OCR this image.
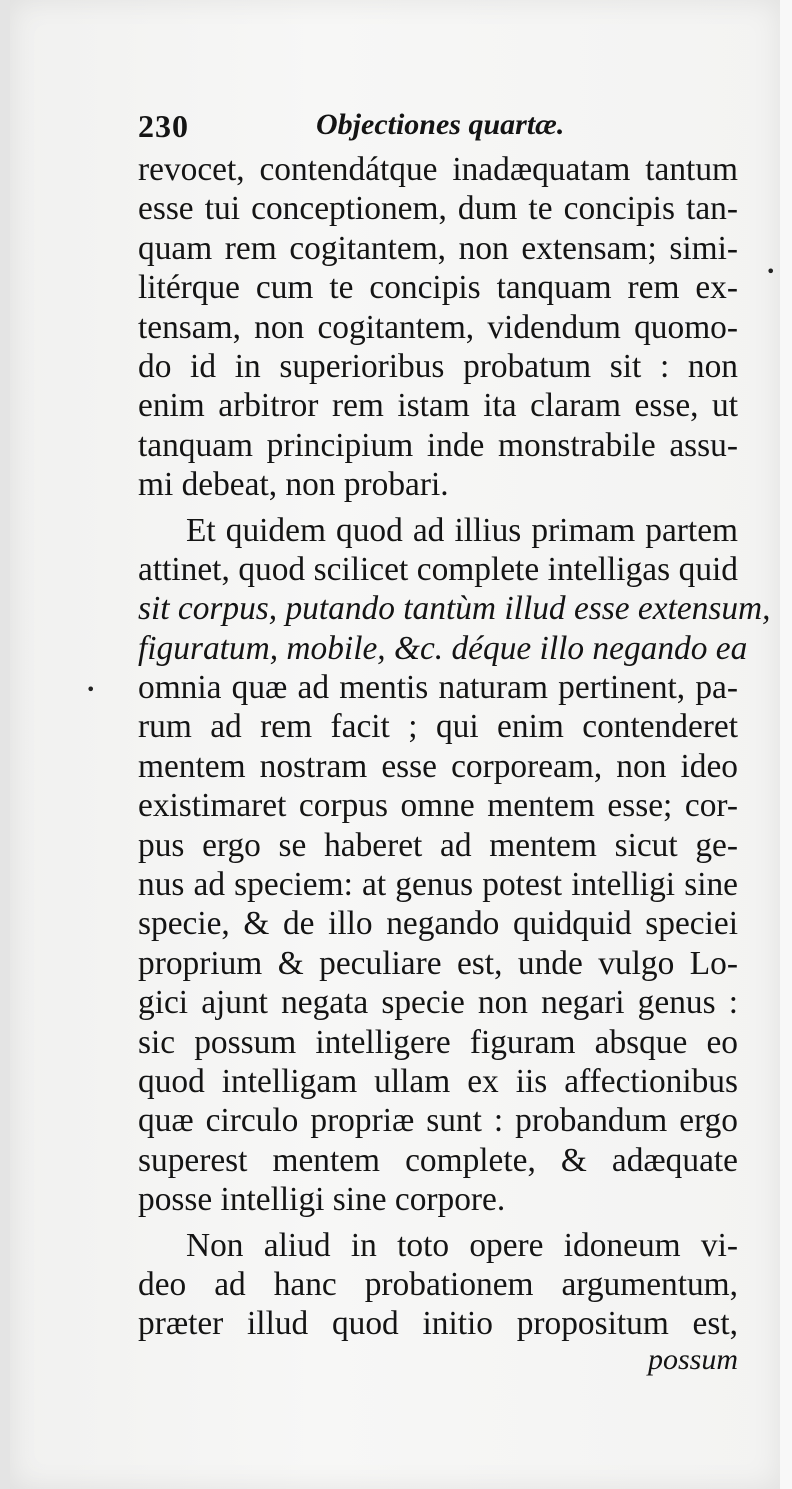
230	Objectiones quartæ.
revocet, contendátque inadæquatam tantum
esse tui conceptionem, dum te concipis tan-
quam rem cogitantem, non extensam; simi-
litérque cum te concipis tanquam rem ex-
tensam, non cogitantem, videndum quomo-
do id in superioribus probatum sit : non
enim arbitror rem istam ita claram esse, ut
tanquam principium inde monstrabile assu-
mi debeat, non probari.
Et quidem quod ad illius primam partem
attinet, quod scilicet complete intelligas quid
sit corpus, putando tantùm illud esse extensum,
figuratum, mobile, &c. déque illo negando ea
omnia quæ ad mentis naturam pertinent, pa-
rum ad rem facit ; qui enim contenderet
mentem nostram esse corpoream, non ideo
existimaret corpus omne mentem esse; cor-
pus ergo se haberet ad mentem sicut ge-
nus ad speciem: at genus potest intelligi sine
specie, & de illo negando quidquid speciei
proprium & peculiare est, unde vulgo Lo-
gici ajunt negata specie non negari genus :
sic possum intelligere figuram absque eo
quod intelligam ullam ex iis affectionibus
quæ circulo propriæ sunt : probandum ergo
superest mentem complete, & adæquate
posse intelligi sine corpore.
Non aliud in toto opere idoneum vi-
deo ad hanc probationem argumentum,
præter illud quod initio propositum est,
possum
•
•
